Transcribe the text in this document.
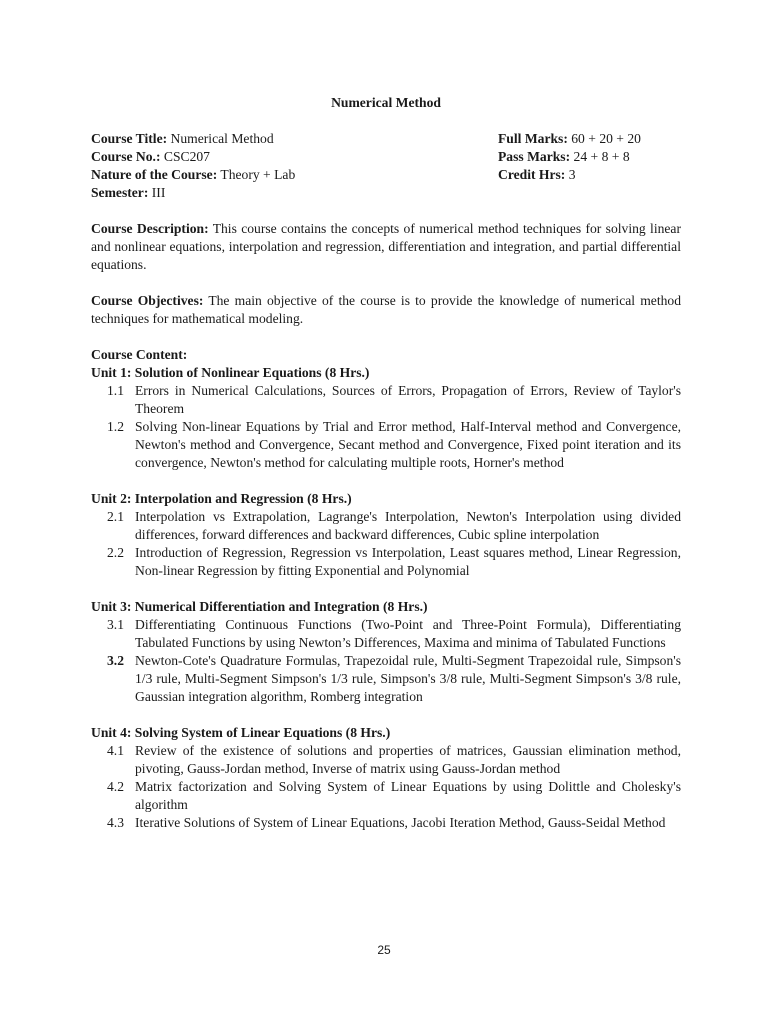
Numerical Method
Course Title: Numerical Method
Course No.: CSC207
Nature of the Course: Theory + Lab
Semester: III
Full Marks: 60 + 20 + 20
Pass Marks: 24 + 8 + 8
Credit Hrs: 3
Course Description: This course contains the concepts of numerical method techniques for solving linear and nonlinear equations, interpolation and regression, differentiation and integration, and partial differential equations.
Course Objectives: The main objective of the course is to provide the knowledge of numerical method techniques for mathematical modeling.
Course Content:
Unit 1: Solution of Nonlinear Equations (8 Hrs.)
1.1 Errors in Numerical Calculations, Sources of Errors, Propagation of Errors, Review of Taylor's Theorem
1.2 Solving Non-linear Equations by Trial and Error method, Half-Interval method and Convergence, Newton's method and Convergence, Secant method and Convergence, Fixed point iteration and its convergence, Newton's method for calculating multiple roots, Horner's method
Unit 2: Interpolation and Regression (8 Hrs.)
2.1 Interpolation vs Extrapolation, Lagrange's Interpolation, Newton's Interpolation using divided differences, forward differences and backward differences, Cubic spline interpolation
2.2 Introduction of Regression, Regression vs Interpolation, Least squares method, Linear Regression, Non-linear Regression by fitting Exponential and Polynomial
Unit 3: Numerical Differentiation and Integration (8 Hrs.)
3.1 Differentiating Continuous Functions (Two-Point and Three-Point Formula), Differentiating Tabulated Functions by using Newton’s Differences, Maxima and minima of Tabulated Functions
3.2 Newton-Cote's Quadrature Formulas, Trapezoidal rule, Multi-Segment Trapezoidal rule, Simpson's 1/3 rule, Multi-Segment Simpson's 1/3 rule, Simpson's 3/8 rule, Multi-Segment Simpson's 3/8 rule, Gaussian integration algorithm, Romberg integration
Unit 4: Solving System of Linear Equations (8 Hrs.)
4.1 Review of the existence of solutions and properties of matrices, Gaussian elimination method, pivoting, Gauss-Jordan method, Inverse of matrix using Gauss-Jordan method
4.2 Matrix factorization and Solving System of Linear Equations by using Dolittle and Cholesky's algorithm
4.3 Iterative Solutions of System of Linear Equations, Jacobi Iteration Method, Gauss-Seidal Method
25
